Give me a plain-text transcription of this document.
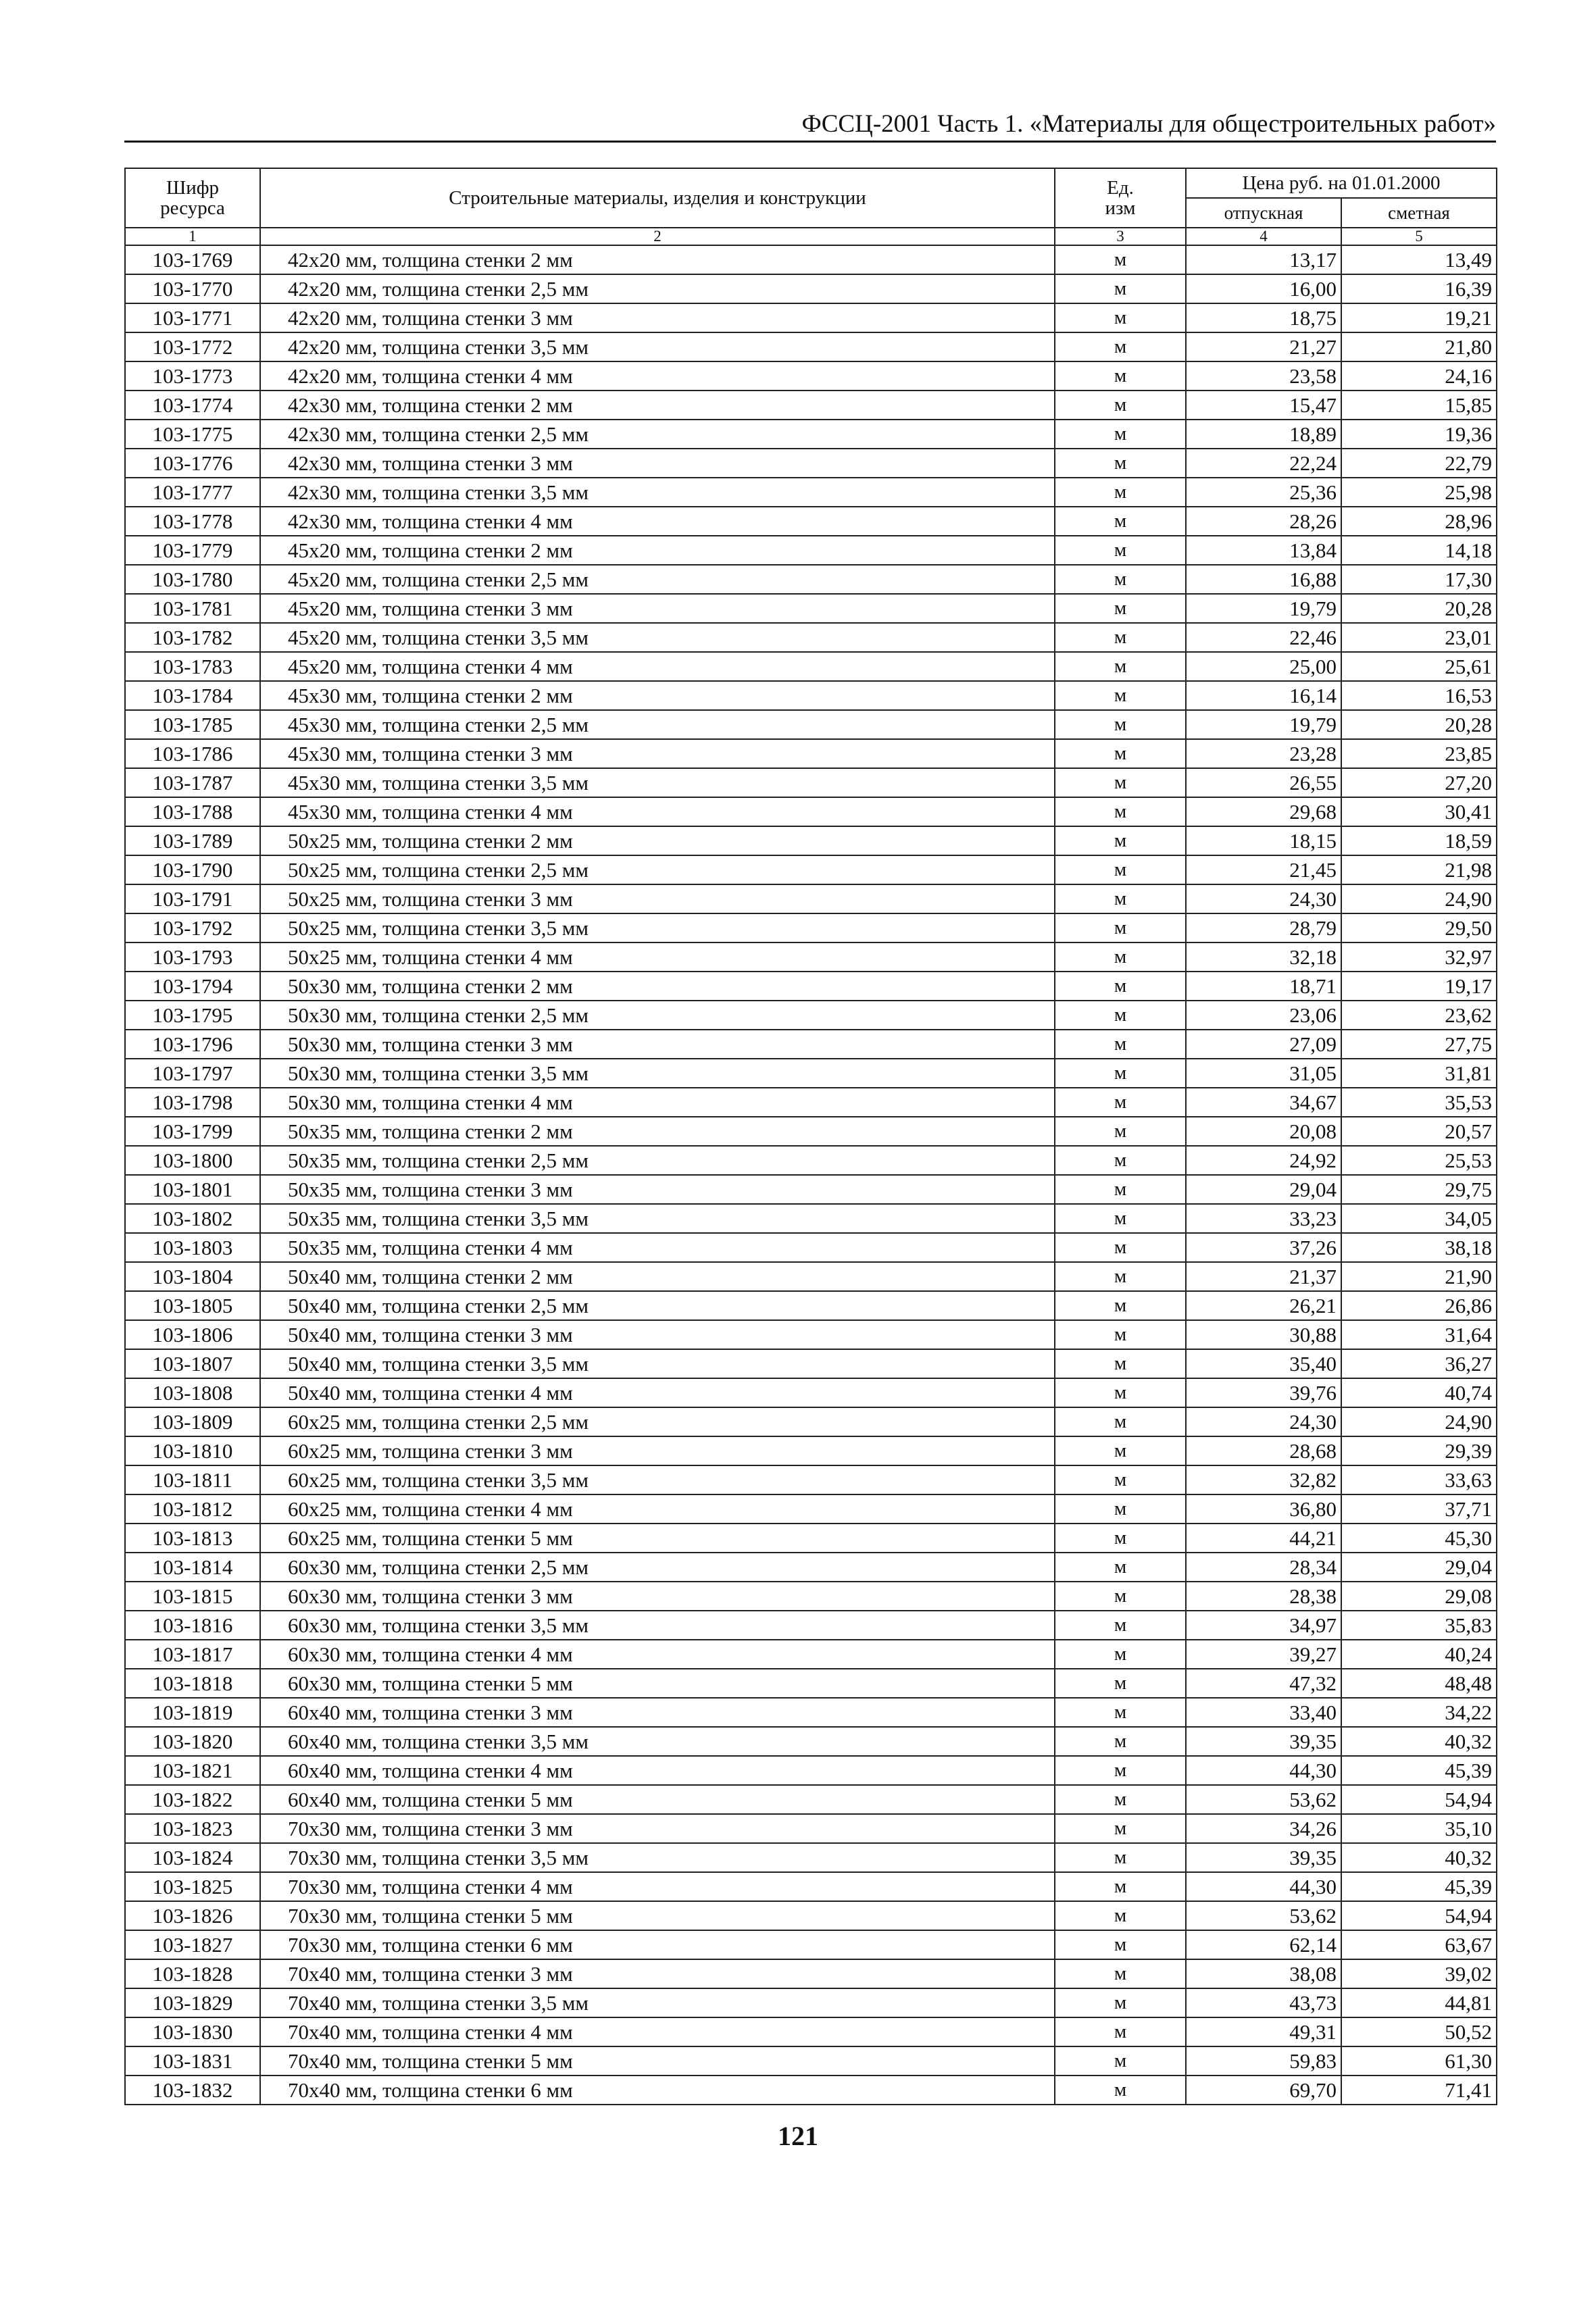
ФССЦ-2001 Часть 1. «Материалы для общестроительных работ»
Шифр ресурса	Строительные материалы, изделия и конструкции	Ед. изм	Цена руб. на 01.01.2000	
			отпускная	сметная
1	2	3	4	5
103-1769	42x20 мм, толщина стенки 2 мм	м	13,17	13,49
103-1770	42x20 мм, толщина стенки 2,5 мм	м	16,00	16,39
103-1771	42x20 мм, толщина стенки 3 мм	м	18,75	19,21
103-1772	42x20 мм, толщина стенки 3,5 мм	м	21,27	21,80
103-1773	42x20 мм, толщина стенки 4 мм	м	23,58	24,16
103-1774	42x30 мм, толщина стенки 2 мм	м	15,47	15,85
103-1775	42x30 мм, толщина стенки 2,5 мм	м	18,89	19,36
103-1776	42x30 мм, толщина стенки 3 мм	м	22,24	22,79
103-1777	42x30 мм, толщина стенки 3,5 мм	м	25,36	25,98
103-1778	42x30 мм, толщина стенки 4 мм	м	28,26	28,96
103-1779	45x20 мм, толщина стенки 2 мм	м	13,84	14,18
103-1780	45x20 мм, толщина стенки 2,5 мм	м	16,88	17,30
103-1781	45x20 мм, толщина стенки 3 мм	м	19,79	20,28
103-1782	45x20 мм, толщина стенки 3,5 мм	м	22,46	23,01
103-1783	45x20 мм, толщина стенки 4 мм	м	25,00	25,61
103-1784	45x30 мм, толщина стенки 2 мм	м	16,14	16,53
103-1785	45x30 мм, толщина стенки 2,5 мм	м	19,79	20,28
103-1786	45x30 мм, толщина стенки 3 мм	м	23,28	23,85
103-1787	45x30 мм, толщина стенки 3,5 мм	м	26,55	27,20
103-1788	45x30 мм, толщина стенки 4 мм	м	29,68	30,41
103-1789	50x25 мм, толщина стенки 2 мм	м	18,15	18,59
103-1790	50x25 мм, толщина стенки 2,5 мм	м	21,45	21,98
103-1791	50x25 мм, толщина стенки 3 мм	м	24,30	24,90
103-1792	50x25 мм, толщина стенки 3,5 мм	м	28,79	29,50
103-1793	50x25 мм, толщина стенки 4 мм	м	32,18	32,97
103-1794	50x30 мм, толщина стенки 2 мм	м	18,71	19,17
103-1795	50x30 мм, толщина стенки 2,5 мм	м	23,06	23,62
103-1796	50x30 мм, толщина стенки 3 мм	м	27,09	27,75
103-1797	50x30 мм, толщина стенки 3,5 мм	м	31,05	31,81
103-1798	50x30 мм, толщина стенки 4 мм	м	34,67	35,53
103-1799	50x35 мм, толщина стенки 2 мм	м	20,08	20,57
103-1800	50x35 мм, толщина стенки 2,5 мм	м	24,92	25,53
103-1801	50x35 мм, толщина стенки 3 мм	м	29,04	29,75
103-1802	50x35 мм, толщина стенки 3,5 мм	м	33,23	34,05
103-1803	50x35 мм, толщина стенки 4 мм	м	37,26	38,18
103-1804	50x40 мм, толщина стенки 2 мм	м	21,37	21,90
103-1805	50x40 мм, толщина стенки 2,5 мм	м	26,21	26,86
103-1806	50x40 мм, толщина стенки 3 мм	м	30,88	31,64
103-1807	50x40 мм, толщина стенки 3,5 мм	м	35,40	36,27
103-1808	50x40 мм, толщина стенки 4 мм	м	39,76	40,74
103-1809	60x25 мм, толщина стенки 2,5 мм	м	24,30	24,90
103-1810	60x25 мм, толщина стенки 3 мм	м	28,68	29,39
103-1811	60x25 мм, толщина стенки 3,5 мм	м	32,82	33,63
103-1812	60x25 мм, толщина стенки 4 мм	м	36,80	37,71
103-1813	60x25 мм, толщина стенки 5 мм	м	44,21	45,30
103-1814	60x30 мм, толщина стенки 2,5 мм	м	28,34	29,04
103-1815	60x30 мм, толщина стенки 3 мм	м	28,38	29,08
103-1816	60x30 мм, толщина стенки 3,5 мм	м	34,97	35,83
103-1817	60x30 мм, толщина стенки 4 мм	м	39,27	40,24
103-1818	60x30 мм, толщина стенки 5 мм	м	47,32	48,48
103-1819	60x40 мм, толщина стенки 3 мм	м	33,40	34,22
103-1820	60x40 мм, толщина стенки 3,5 мм	м	39,35	40,32
103-1821	60x40 мм, толщина стенки 4 мм	м	44,30	45,39
103-1822	60x40 мм, толщина стенки 5 мм	м	53,62	54,94
103-1823	70x30 мм, толщина стенки 3 мм	м	34,26	35,10
103-1824	70x30 мм, толщина стенки 3,5 мм	м	39,35	40,32
103-1825	70x30 мм, толщина стенки 4 мм	м	44,30	45,39
103-1826	70x30 мм, толщина стенки 5 мм	м	53,62	54,94
103-1827	70x30 мм, толщина стенки 6 мм	м	62,14	63,67
103-1828	70x40 мм, толщина стенки 3 мм	м	38,08	39,02
103-1829	70x40 мм, толщина стенки 3,5 мм	м	43,73	44,81
103-1830	70x40 мм, толщина стенки 4 мм	м	49,31	50,52
103-1831	70x40 мм, толщина стенки 5 мм	м	59,83	61,30
103-1832	70x40 мм, толщина стенки 6 мм	м	69,70	71,41
121
